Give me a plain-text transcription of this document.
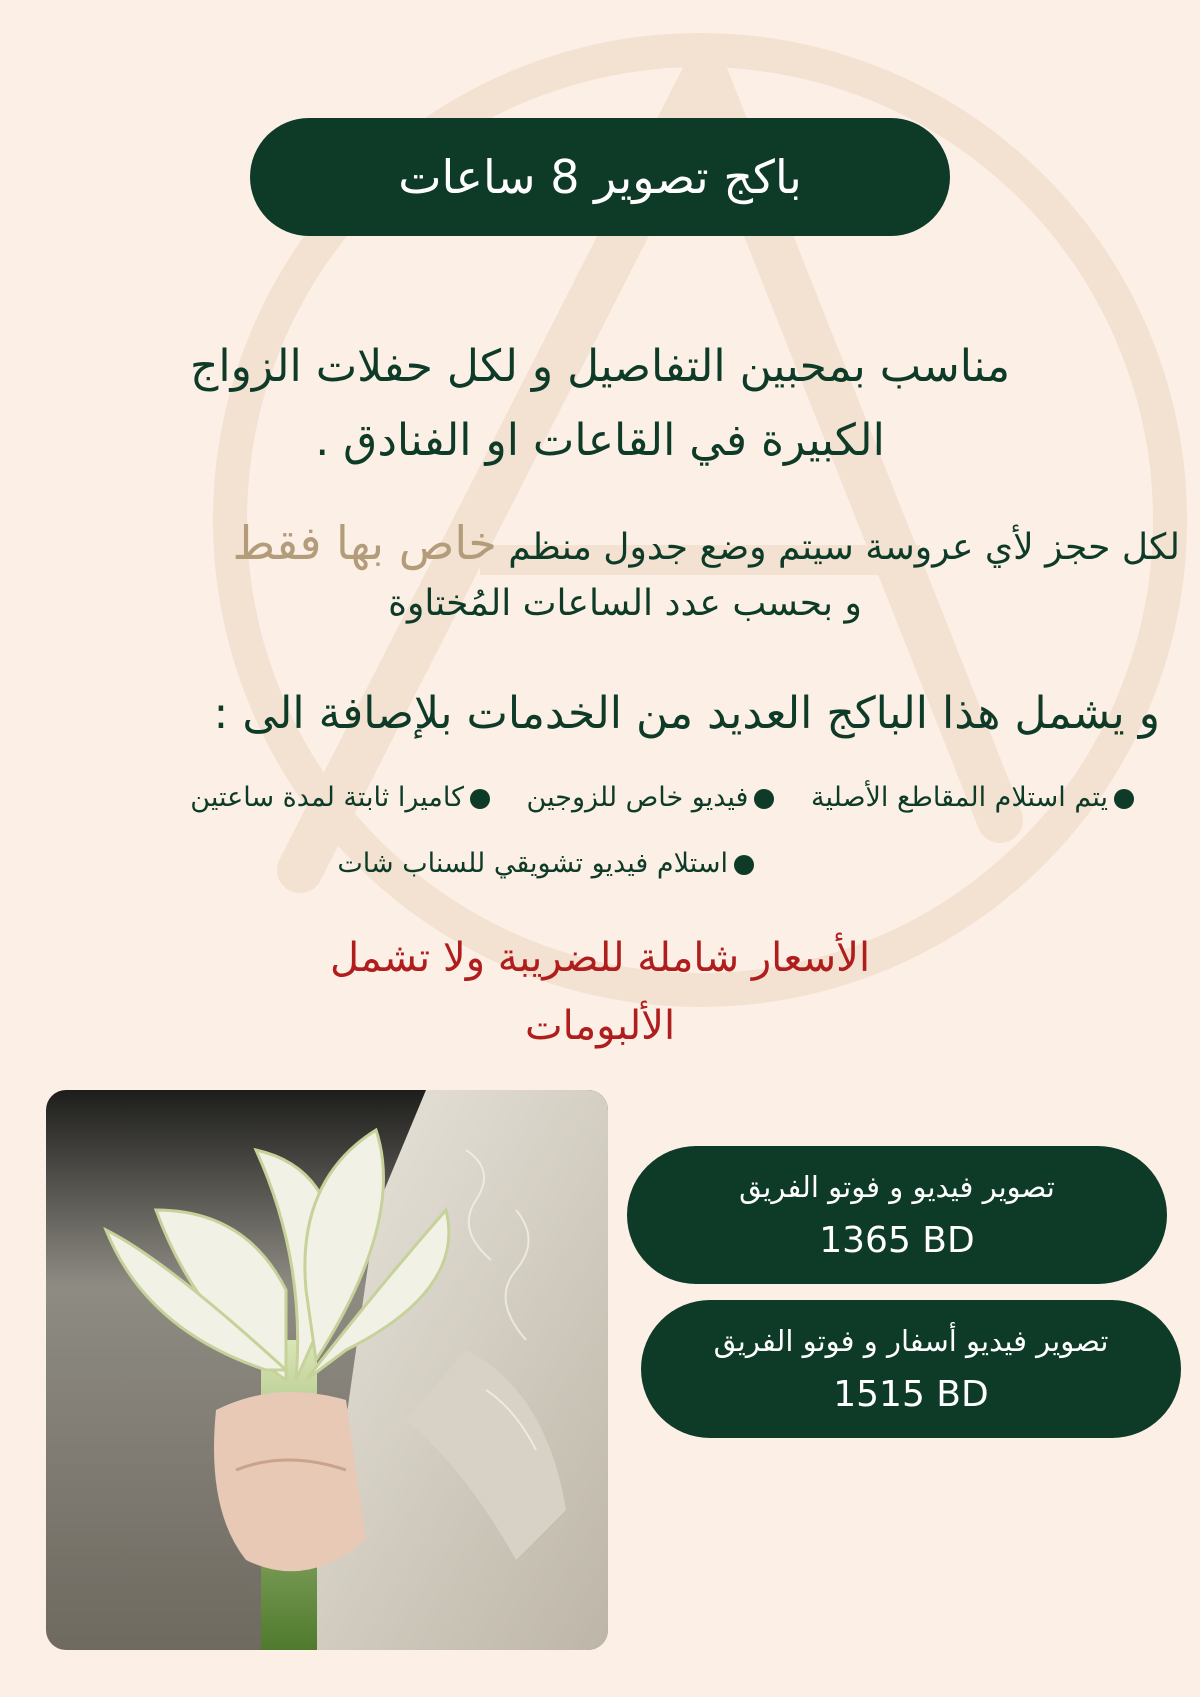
باكج تصوير 8 ساعات
مناسب بمحبين التفاصيل و لكل حفلات الزواج
الكبيرة في القاعات او الفنادق .
لكل حجز لأي عروسة سيتم وضع جدول منظم خاص بها فقط
و بحسب عدد الساعات المُختاوة
و يشمل هذا الباكج العديد من الخدمات بلإصافة الى :
يتم استلام المقاطع الأصلية فيديو خاص للزوجين كاميرا ثابتة لمدة ساعتين
استلام فيديو تشويقي للسناب شات
الأسعار شاملة للضريبة ولا تشمل
الألبومات
تصوير فيديو و فوتو الفريق
1365 BD
تصوير فيديو أسفار و فوتو الفريق
1515 BD
